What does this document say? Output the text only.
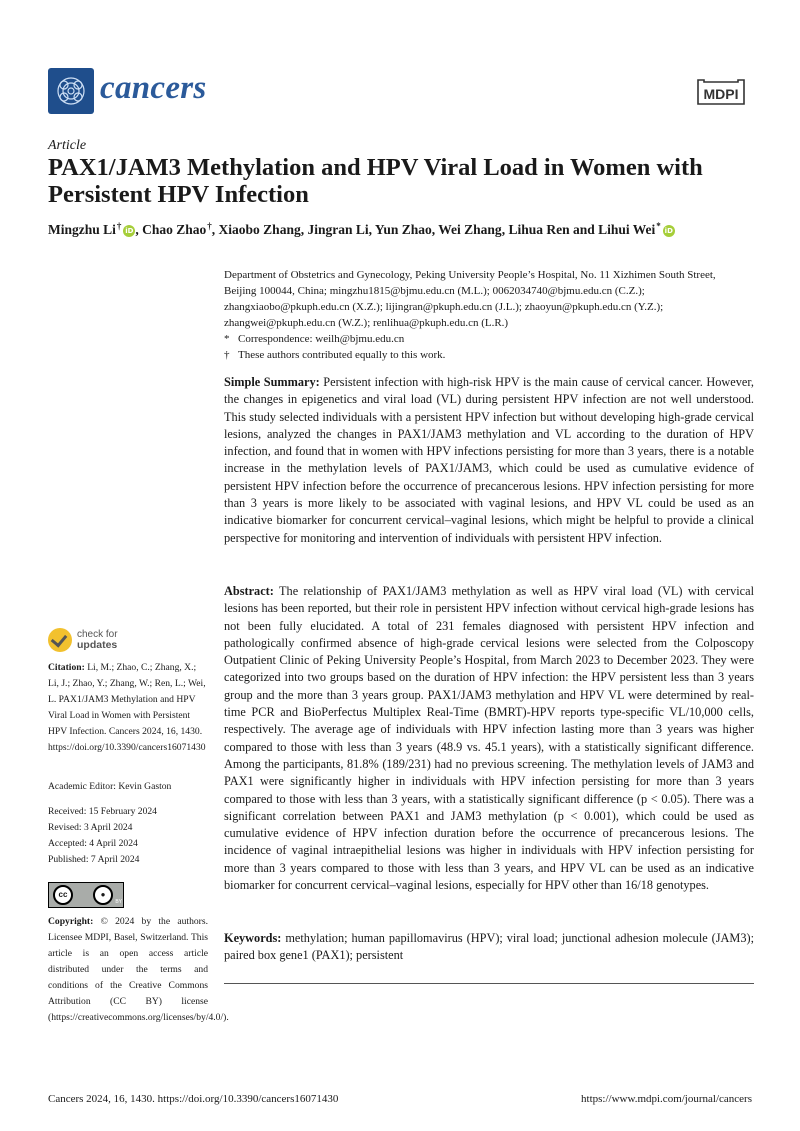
cancers	MDPI
Article
PAX1/JAM3 Methylation and HPV Viral Load in Women with Persistent HPV Infection
Mingzhu Li† iD , Chao Zhao†, Xiaobo Zhang, Jingran Li, Yun Zhao, Wei Zhang, Lihua Ren and Lihui Wei* iD

Department of Obstetrics and Gynecology, Peking University People’s Hospital, No. 11 Xizhimen South Street,

Beijing 100044, China; mingzhu1815@bjmu.edu.cn (M.L.); 0062034740@bjmu.edu.cn (C.Z.);

zhangxiaobo@pkuph.edu.cn (X.Z.); lijingran@pkuph.edu.cn (J.L.); zhaoyun@pkuph.edu.cn (Y.Z.);

zhangwei@pkuph.edu.cn (W.Z.); renlihua@pkuph.edu.cn (L.R.)

* Correspondence: weilh@bjmu.edu.cn

† These authors contributed equally to this work.

Simple Summary: Persistent infection with high-risk HPV is the main cause of cervical cancer. However, the changes in epigenetics and viral load (VL) during persistent HPV infection are not well understood. This study selected individuals with a persistent HPV infection but without developing high-grade cervical lesions, analyzed the changes in PAX1/JAM3 methylation and VL according to the duration of HPV infection, and found that in women with HPV infections persisting for more than 3 years, there is a notable increase in the methylation levels of PAX1/JAM3, which could be used as cumulative evidence of persistent HPV infection before the occurrence of precancerous lesions. HPV infection persisting for more than 3 years is more likely to be associated with vaginal lesions, and HPV VL could be used as an indicative biomarker for concurrent cervical–vaginal lesions, which might be helpful to provide a clinical perspective for monitoring and intervention of individuals with persistent HPV infection.

Abstract: The relationship of PAX1/JAM3 methylation as well as HPV viral load (VL) with cervical lesions has been reported, but their role in persistent HPV infection without cervical high-grade lesions has not been fully elucidated. A total of 231 females diagnosed with persistent HPV infection and pathologically confirmed absence of high-grade cervical lesions were selected from the Colposcopy Outpatient Clinic of Peking University People’s Hospital, from March 2023 to December 2023. They were categorized into two groups based on the duration of HPV infection: the HPV persistent less than 3 years group and the more than 3 years group. PAX1/JAM3 methylation and HPV VL were determined by real-time PCR and BioPerfectus Multiplex Real-Time (BMRT)-HPV reports type-specific VL/10,000 cells, respectively. The average age of individuals with HPV infection lasting more than 3 years was higher compared to those with less than 3 years (48.9 vs. 45.1 years), with a statistically significant difference. Among the participants, 81.8% (189/231) had no previous screening. The methylation levels of JAM3 and PAX1 were significantly higher in individuals with HPV infection persisting for more than 3 years compared to those with less than 3 years, with a statistically significant difference (p < 0.05). There was a significant correlation between PAX1 and JAM3 methylation (p < 0.001), which could be used as cumulative evidence of HPV infection duration before the occurrence of precancerous lesions. The incidence of vaginal intraepithelial lesions was higher in individuals with HPV infection persisting for more than 3 years compared to those with less than 3 years, and HPV VL can be used as an indicative biomarker for concurrent cervical–vaginal lesions, especially for HPV other than 16/18 genotypes.

Keywords: methylation; human papillomavirus (HPV); viral load; junctional adhesion molecule (JAM3); paired box gene1 (PAX1); persistent

check for
updates

Citation: Li, M.; Zhao, C.; Zhang, X.; Li, J.; Zhao, Y.; Zhang, W.; Ren, L.; Wei, L. PAX1/JAM3 Methylation and HPV Viral Load in Women with Persistent HPV Infection. Cancers 2024, 16, 1430. https://doi.org/10.3390/cancers16071430

Academic Editor: Kevin Gaston

Received: 15 February 2024

Revised: 3 April 2024

Accepted: 4 April 2024

Published: 7 April 2024

cc	●
BY

Copyright: © 2024 by the authors. Licensee MDPI, Basel, Switzerland. This article is an open access article distributed under the terms and conditions of the Creative Commons Attribution (CC BY) license (https://creativecommons.org/licenses/by/4.0/).

Cancers 2024, 16, 1430. https://doi.org/10.3390/cancers16071430	https://www.mdpi.com/journal/cancers
